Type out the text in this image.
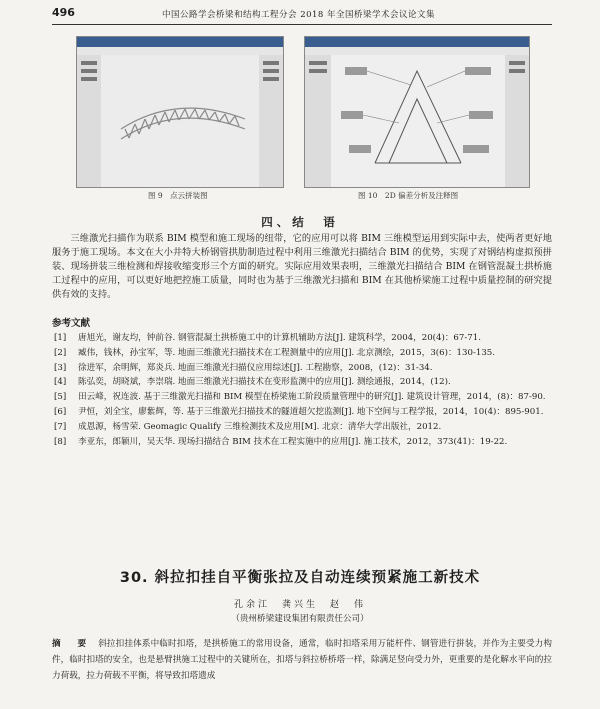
496	中国公路学会桥梁和结构工程分会 2018 年全国桥梁学术会议论文集
图 9　点云拼装图	图 10　2D 偏差分析及注释图
四、结　语
三维激光扫描作为联系 BIM 模型和施工现场的纽带，它的应用可以将 BIM 三维模型运用到实际中去，使两者更好地服务于施工现场。本文在大小井特大桥钢管拱肋制造过程中利用三维激光扫描结合 BIM 的优势，实现了对钢结构虚拟预拼装、现场拼装三维检测和焊接收缩变形三个方面的研究。实际应用效果表明，三维激光扫描结合 BIM 在钢管混凝土拱桥施工过程中的应用，可以更好地把控施工质量，同时也为基于三维激光扫描和 BIM 在其他桥梁施工过程中质量控制的研究提供有效的支持。
参考文献
[1] 唐旭光，谢友均，钟前谷. 钢管混凝土拱桥施工中的计算机辅助方法[J]. 建筑科学，2004，20(4)：67-71.
[2] 臧伟，钱林，孙宝军，等. 地面三维激光扫描技术在工程测量中的应用[J]. 北京测绘，2015，3(6)：130-135.
[3] 徐进军，余明辉，郑炎兵. 地面三维激光扫描仪应用综述[J]. 工程勘察，2008，(12)：31-34.
[4] 陈弘奕，胡晓斌，李崇瑞. 地面三维激光扫描技术在变形监测中的应用[J]. 测绘通报，2014，(12).
[5] 田云峰，祝连波. 基于三维激光扫描和 BIM 模型在桥梁施工阶段质量管理中的研究[J]. 建筑设计管理，2014，(8)：87-90.
[6] 尹恒，刘全宝，廖紫辉，等. 基于三维激光扫描技术的隧道超欠挖监测[J]. 地下空间与工程学报，2014，10(4)：895-901.
[7] 成恩源，杨雪荣. Geomagic Qualify 三维检测技术及应用[M]. 北京：清华大学出版社，2012.
[8] 李亚东，郎颖川，吴天华. 现场扫描结合 BIM 技术在工程实施中的应用[J]. 施工技术，2012，373(41)：19-22.
30. 斜拉扣挂自平衡张拉及自动连续预紧施工新技术
孔余江　龚兴生　赵　伟
（贵州桥梁建设集团有限责任公司）
摘　要 斜拉扣挂体系中临时扣塔，是拱桥施工的常用设备，通常，临时扣塔采用万能杆件、钢管进行拼装，并作为主要受力构件，临时扣塔的安全，也是悬臂拱施工过程中的关键所在，扣塔与斜拉桥桥塔一样，除满足竖向受力外，更重要的是化解水平向的拉力荷载，拉力荷载不平衡，将导致扣塔遗成
